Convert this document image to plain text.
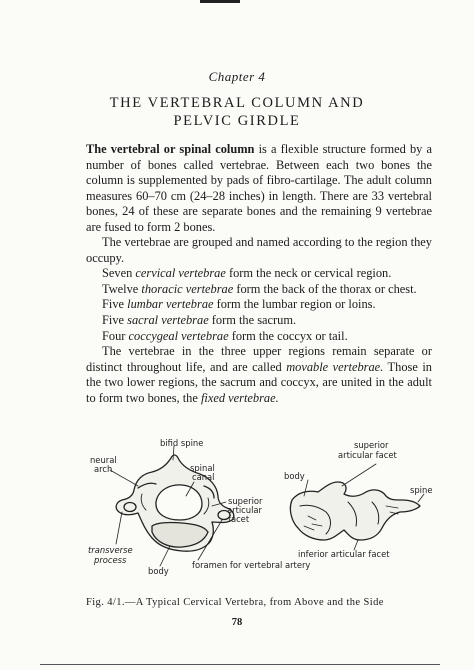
Chapter 4
THE VERTEBRAL COLUMN AND
PELVIC GIRDLE

The vertebral or spinal column is a flexible structure formed by a number of bones called vertebrae. Between each two bones the column is supplemented by pads of fibro-cartilage. The adult column measures 60–70 cm (24–28 inches) in length. There are 33 vertebral bones, 24 of these are separate bones and the remaining 9 vertebrae are fused to form 2 bones.

The vertebrae are grouped and named according to the region they occupy.

Seven cervical vertebrae form the neck or cervical region.

Twelve thoracic vertebrae form the back of the thorax or chest.

Five lumbar vertebrae form the lumbar region or loins.

Five sacral vertebrae form the sacrum.

Four coccygeal vertebrae form the coccyx or tail.

The vertebrae in the three upper regions remain separate or distinct throughout life, and are called movable vertebrae. Those in the two lower regions, the sacrum and coccyx, are united in the adult to form two bones, the fixed vertebrae.

bifid spine
neural
arch	spinal
canal
superior
articular
facet
transverse
process
body
foramen for vertebral artery
superior
articular facet
body
spine
inferior articular facet
Fig. 4/1.—A Typical Cervical Vertebra, from Above and the Side
78
